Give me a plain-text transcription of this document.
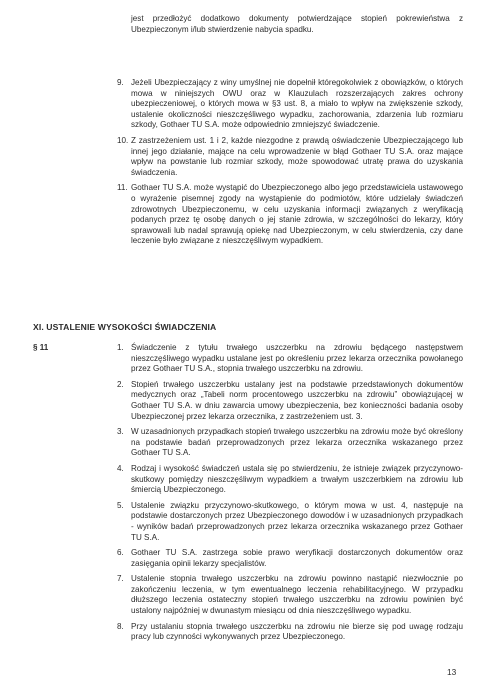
jest przedłożyć dodatkowo dokumenty potwierdzające stopień pokrewieństwa z Ubezpieczonym i/lub stwierdzenie nabycia spadku.
9. Jeżeli Ubezpieczający z winy umyślnej nie dopełnił któregokolwiek z obowiązków, o których mowa w niniejszych OWU oraz w Klauzulach rozszerzających zakres ochrony ubezpieczeniowej, o których mowa w §3 ust. 8, a miało to wpływ na zwiększenie szkody, ustalenie okoliczności nieszczęśliwego wypadku, zachorowania, zdarzenia lub rozmiaru szkody, Gothaer TU S.A. może odpowiednio zmniejszyć świadczenie.
10. Z zastrzeżeniem ust. 1 i 2, każde niezgodne z prawdą oświadczenie Ubezpieczającego lub innej jego działanie, mające na celu wprowadzenie w błąd Gothaer TU S.A. oraz mające wpływ na powstanie lub rozmiar szkody, może spowodować utratę prawa do uzyskania świadczenia.
11. Gothaer TU S.A. może wystąpić do Ubezpieczonego albo jego przedstawiciela ustawowego o wyrażenie pisemnej zgody na wystąpienie do podmiotów, które udzielały świadczeń zdrowotnych Ubezpieczonemu, w celu uzyskania informacji związanych z weryfikacją podanych przez tę osobę danych o jej stanie zdrowia, w szczególności do lekarzy, który sprawowali lub nadal sprawują opiekę nad Ubezpieczonym, w celu stwierdzenia, czy dane leczenie było związane z nieszczęśliwym wypadkiem.
XI. USTALENIE WYSOKOŚCI ŚWIADCZENIA
§ 11	1. Świadczenie z tytułu trwałego uszczerbku na zdrowiu będącego następstwem nieszczęśliwego wypadku ustalane jest po określeniu przez lekarza orzecznika powołanego przez Gothaer TU S.A., stopnia trwałego uszczerbku na zdrowiu.
2. Stopień trwałego uszczerbku ustalany jest na podstawie przedstawionych dokumentów medycznych oraz „Tabeli norm procentowego uszczerbku na zdrowiu” obowiązującej w Gothaer TU S.A. w dniu zawarcia umowy ubezpieczenia, bez konieczności badania osoby Ubezpieczonej przez lekarza orzecznika, z zastrzeżeniem ust. 3.
3. W uzasadnionych przypadkach stopień trwałego uszczerbku na zdrowiu może być określony na podstawie badań przeprowadzonych przez lekarza orzecznika wskazanego przez Gothaer TU S.A.
4. Rodzaj i wysokość świadczeń ustala się po stwierdzeniu, że istnieje związek przyczynowo-skutkowy pomiędzy nieszczęśliwym wypadkiem a trwałym uszczerbkiem na zdrowiu lub śmiercią Ubezpieczonego.
5. Ustalenie związku przyczynowo-skutkowego, o którym mowa w ust. 4, następuje na podstawie dostarczonych przez Ubezpieczonego dowodów i w uzasadnionych przypadkach - wyników badań przeprowadzonych przez lekarza orzecznika wskazanego przez Gothaer TU S.A.
6. Gothaer TU S.A. zastrzega sobie prawo weryfikacji dostarczonych dokumentów oraz zasięgania opinii lekarzy specjalistów.
7. Ustalenie stopnia trwałego uszczerbku na zdrowiu powinno nastąpić niezwłocznie po zakończeniu leczenia, w tym ewentualnego leczenia rehabilitacyjnego. W przypadku dłuższego leczenia ostateczny stopień trwałego uszczerbku na zdrowiu powinien być ustalony najpóźniej w dwunastym miesiącu od dnia nieszczęśliwego wypadku.
8. Przy ustalaniu stopnia trwałego uszczerbku na zdrowiu nie bierze się pod uwagę rodzaju pracy lub czynności wykonywanych przez Ubezpieczonego.
13
